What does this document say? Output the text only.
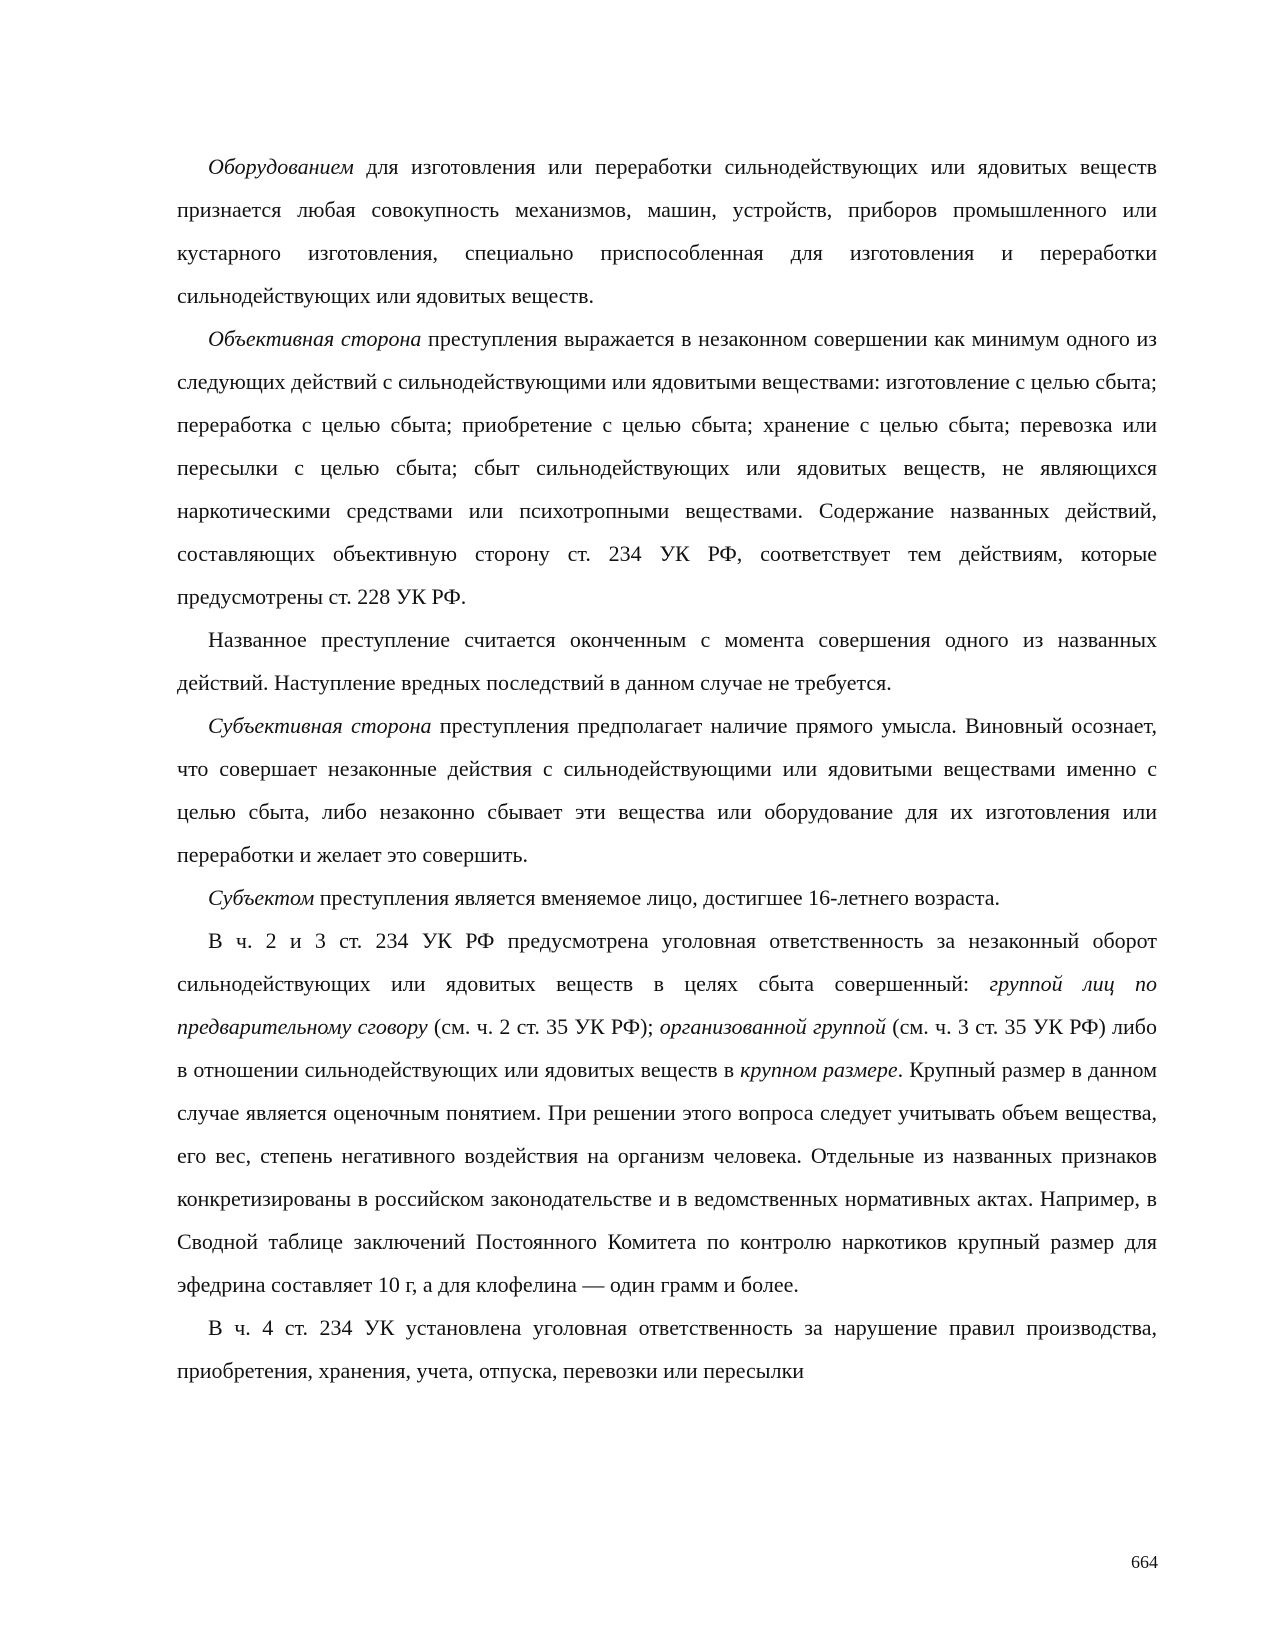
Оборудованием для изготовления или переработки сильнодействующих или ядовитых веществ признается любая совокупность механизмов, машин, устройств, приборов промышленного или кустарного изготовления, специально приспособленная для изготовления и переработки сильнодействующих или ядовитых веществ.

Объективная сторона преступления выражается в незаконном совершении как минимум одного из следующих действий с сильнодействующими или ядовитыми веществами: изготовление с целью сбыта; переработка с целью сбыта; приобретение с целью сбыта; хранение с целью сбыта; перевозка или пересылки с целью сбыта; сбыт сильнодействующих или ядовитых веществ, не являющихся наркотическими средствами или психотропными веществами. Содержание названных действий, составляющих объективную сторону ст. 234 УК РФ, соответствует тем действиям, которые предусмотрены ст. 228 УК РФ.

Названное преступление считается оконченным с момента совершения одного из названных действий. Наступление вредных последствий в данном случае не требуется.

Субъективная сторона преступления предполагает наличие прямого умысла. Виновный осознает, что совершает незаконные действия с сильнодействующими или ядовитыми веществами именно с целью сбыта, либо незаконно сбывает эти вещества или оборудование для их изготовления или переработки и желает это совершить.

Субъектом преступления является вменяемое лицо, достигшее 16-летнего возраста.

В ч. 2 и 3 ст. 234 УК РФ предусмотрена уголовная ответственность за незаконный оборот сильнодействующих или ядовитых веществ в целях сбыта совершенный: группой лиц по предварительному сговору (см. ч. 2 ст. 35 УК РФ); организованной группой (см. ч. 3 ст. 35 УК РФ) либо в отношении сильнодействующих или ядовитых веществ в крупном размере. Крупный размер в данном случае является оценочным понятием. При решении этого вопроса следует учитывать объем вещества, его вес, степень негативного воздействия на организм человека. Отдельные из названных признаков конкретизированы в российском законодательстве и в ведомственных нормативных актах. Например, в Сводной таблице заключений Постоянного Комитета по контролю наркотиков крупный размер для эфедрина составляет 10 г, а для клофелина — один грамм и более.

В ч. 4 ст. 234 УК установлена уголовная ответственность за нарушение правил производства, приобретения, хранения, учета, отпуска, перевозки или пересылки

664
